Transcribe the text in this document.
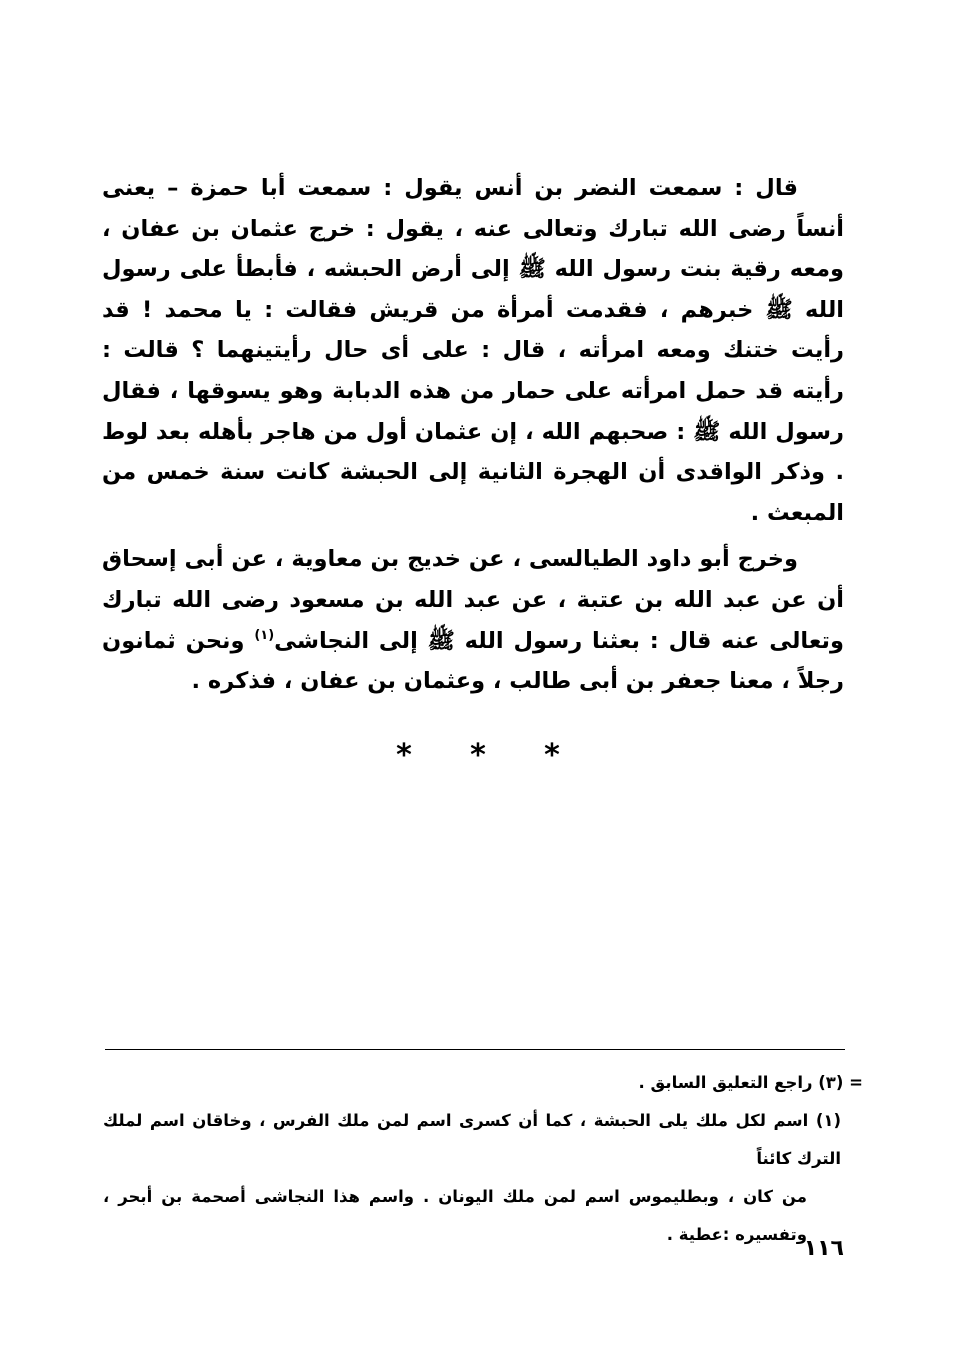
قال : سمعت النضر بن أنس يقول : سمعت أبا حمزة – يعنى أنساً رضى الله تبارك وتعالى عنه ، يقول : خرج عثمان بن عفان ، ومعه رقية بنت رسول الله ﷺ إلى أرض الحبشه ، فأبطأ على رسول الله ﷺ خبرهم ، فقدمت أمرأة من قريش فقالت : يا محمد ! قد رأيت ختنك ومعه امرأته ، قال : على أى حال رأيتينهما ؟ قالت : رأيته قد حمل امرأته على حمار من هذه الدبابة وهو يسوقها ، فقال رسول الله ﷺ : صحبهم الله ، إن عثمان أول من هاجر بأهله بعد لوط . وذكر الواقدى أن الهجرة الثانية إلى الحبشة كانت سنة خمس من المبعث .

وخرج أبو داود الطيالسى ، عن خديج بن معاوية ، عن أبى إسحاق أن عن عبد الله بن عتبة ، عن عبد الله بن مسعود رضى الله تبارك وتعالى عنه قال : بعثنا رسول الله ﷺ إلى النجاشى$^{(١)}$ ونحن ثمانون رجلاً ، معنا جعفر بن أبى طالب ، وعثمان بن عفان ، فذكره .

*
*
*
= (٣) راجع التعليق السابق .
(١) اسم لكل ملك يلى الحبشة ، كما أن كسرى اسم لمن ملك الفرس ، وخاقان اسم لملك الترك كائناً
من كان ، وبطليموس اسم لمن ملك اليونان . واسم هذا النجاشى أصحمة بن أبحر ، وتفسيره :عطية .
١١٦
